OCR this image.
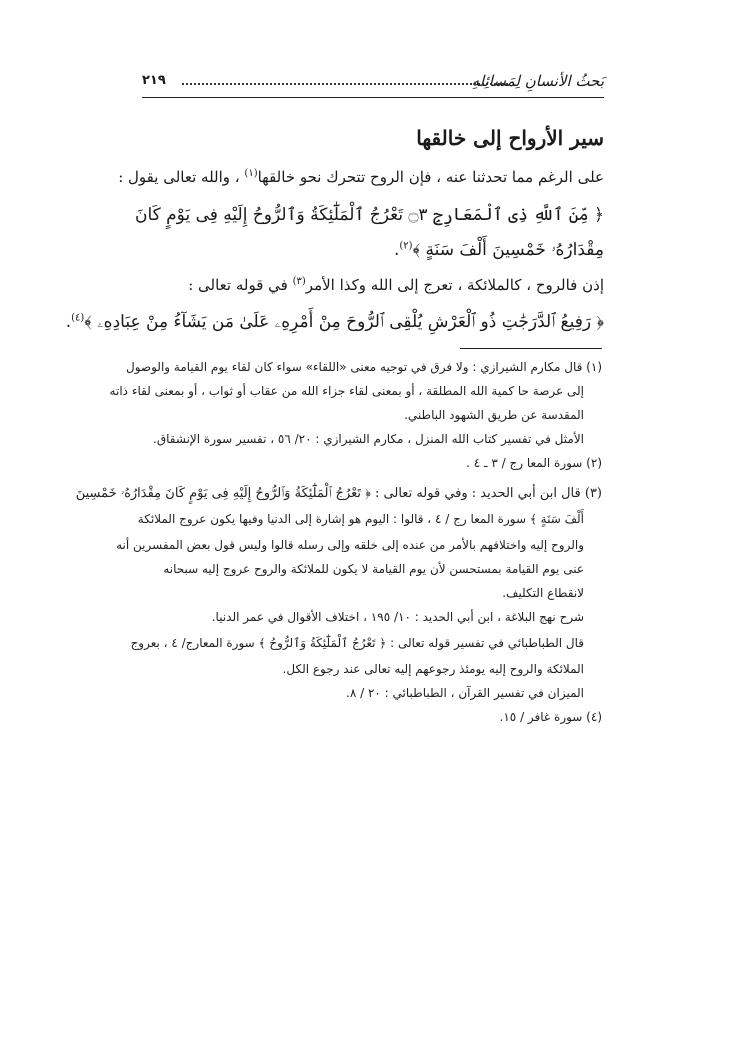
بَحثُ الأنسانِ لِمَسائِلهِ
٢١٩
سير الأرواح إلى خالقها
على الرغم مما تحدثنا عنه ، فإن الروح تتحرك نحو خالقها$^{(١)}$ ، والله تعالى يقول :
﴿ مِّنَ ٱللَّهِ ذِى ٱلْمَعَارِجِ ۝٣ تَعْرُجُ ٱلْمَلَٰٓئِكَةُ وَٱلرُّوحُ إِلَيْهِ فِى يَوْمٍ كَانَ
مِقْدَارُهُۥ خَمْسِينَ أَلْفَ سَنَةٍ ﴾$^{(٢)}$.
إذن فالروح ، كالملائكة ، تعرج إلى الله وكذا الأمر$^{(٣)}$ في قوله تعالى :
﴿ رَفِيعُ ٱلدَّرَجَٰتِ ذُو ٱلْعَرْشِ يُلْقِى ٱلرُّوحَ مِنْ أَمْرِهِۦ عَلَىٰ مَن يَشَآءُ مِنْ عِبَادِهِۦ ﴾$^{(٤)}$.
(١) قال مكارم الشيرازي : ولا فرق في توجيه معنى «اللقاء» سواء كان لقاء يوم القيامة والوصول
إلى عرصة حا كمية الله المطلقة ، أو بمعنى لقاء جزاء الله من عقاب أو ثواب ، أو بمعنى لقاء ذاته
المقدسة عن طريق الشهود الباطني.
الأمثل في تفسير كتاب الله المنزل ، مكارم الشيرازي : ٢٠/ ٥٦ ، تفسير سورة الإنشقاق.
(٢) سورة المعا رج / ٣ ـ ٤ .
(٣) قال ابن أبي الحديد : وفي قوله تعالى : ﴿ تَعْرُجُ ٱلْمَلَٰٓئِكَةُ وَٱلرُّوحُ إِلَيْهِ فِى يَوْمٍ كَانَ مِقْدَارُهُۥ خَمْسِينَ
أَلْفَ سَنَةٍ ﴾ سورة المعا رج / ٤ ، قالوا : اليوم هو إشارة إلى الدنيا وفيها يكون عروج الملائكة
والروح إليه واختلافهم بالأمر من عنده إلى خلقه وإلى رسله قالوا وليس قول بعض المفسرين أنه
عنى يوم القيامة بمستحسن لأن يوم القيامة لا يكون للملائكة والروح عروج إليه سبحانه
لانقطاع التكليف.
شرح نهج البلاغة ، ابن أبي الحديد : ١٠/ ١٩٥ ، اختلاف الأقوال في عمر الدنيا.
قال الطباطبائي في تفسير قوله تعالى : ﴿ تَعْرُجُ ٱلْمَلَٰٓئِكَةُ وَٱلرُّوحُ ﴾ سورة المعارج/ ٤ ، بعروج
الملائكة والروح إليه يومئذ رجوعهم إليه تعالى عند رجوع الكل.
الميزان في تفسير القرآن ، الطباطبائي : ٢٠ / ٨.
(٤) سورة غافر / ١٥.
